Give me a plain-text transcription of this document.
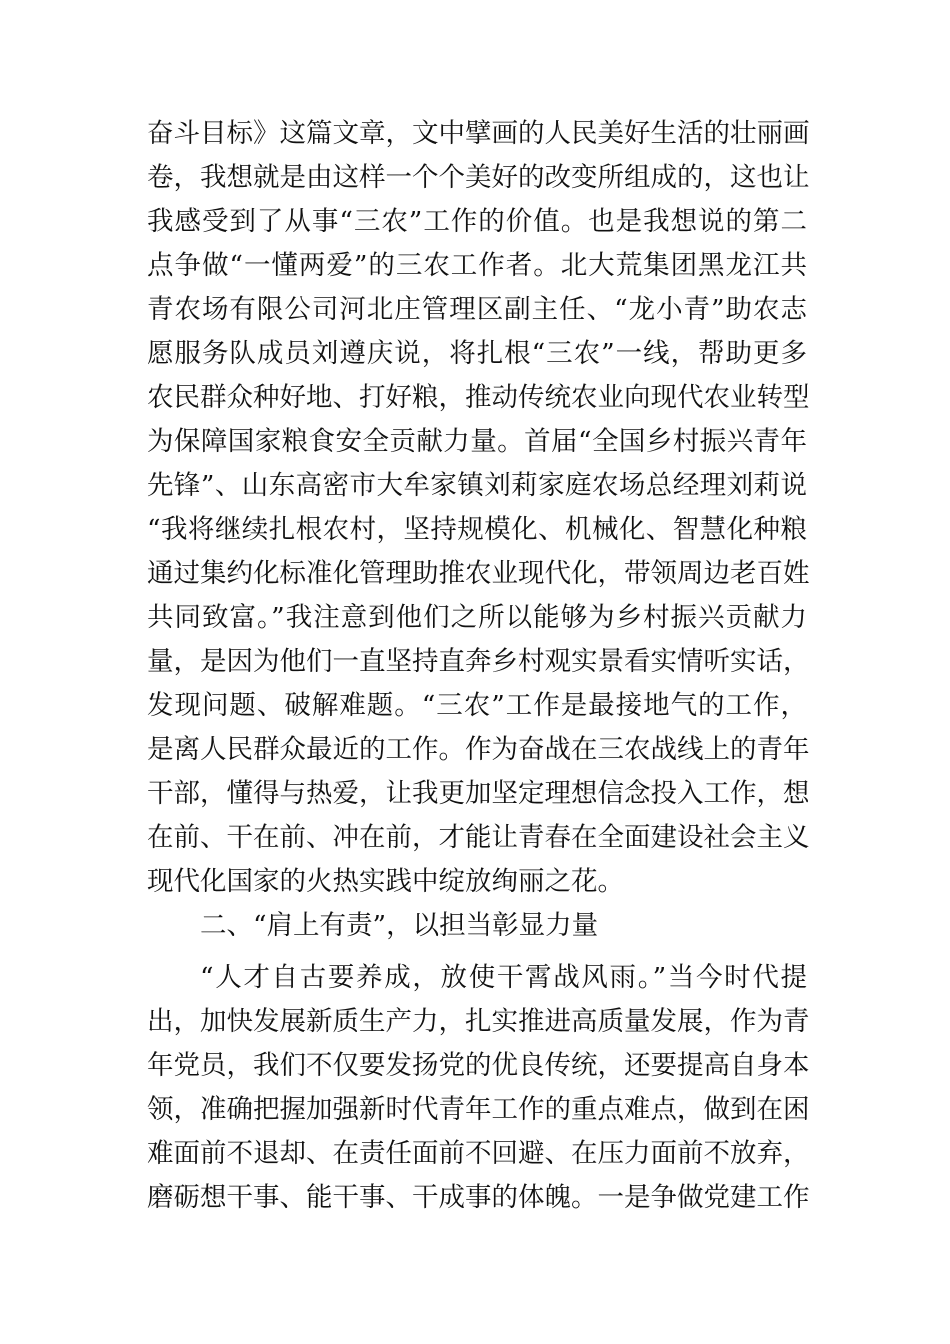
奋斗目标》这篇文章，文中擘画的人民美好生活的壮丽画
卷，我想就是由这样一个个美好的改变所组成的，这也让
我感受到了从事“三农”工作的价值。也是我想说的第二
点争做“一懂两爱”的三农工作者。北大荒集团黑龙江共
青农场有限公司河北庄管理区副主任、“龙小青”助农志
愿服务队成员刘遵庆说，将扎根“三农”一线，帮助更多
农民群众种好地、打好粮，推动传统农业向现代农业转型
为保障国家粮食安全贡献力量。首届“全国乡村振兴青年
先锋”、山东高密市大牟家镇刘莉家庭农场总经理刘莉说
“我将继续扎根农村，坚持规模化、机械化、智慧化种粮
通过集约化标准化管理助推农业现代化，带领周边老百姓
共同致富。”我注意到他们之所以能够为乡村振兴贡献力
量，是因为他们一直坚持直奔乡村观实景看实情听实话，
发现问题、破解难题。“三农”工作是最接地气的工作，
是离人民群众最近的工作。作为奋战在三农战线上的青年
干部，懂得与热爱，让我更加坚定理想信念投入工作，想
在前、干在前、冲在前，才能让青春在全面建设社会主义
现代化国家的火热实践中绽放绚丽之花。
二、“肩上有责”，以担当彰显力量
“人才自古要养成，放使干霄战风雨。”当今时代提
出，加快发展新质生产力，扎实推进高质量发展，作为青
年党员，我们不仅要发扬党的优良传统，还要提高自身本
领，准确把握加强新时代青年工作的重点难点，做到在困
难面前不退却、在责任面前不回避、在压力面前不放弃，
磨砺想干事、能干事、干成事的体魄。一是争做党建工作
